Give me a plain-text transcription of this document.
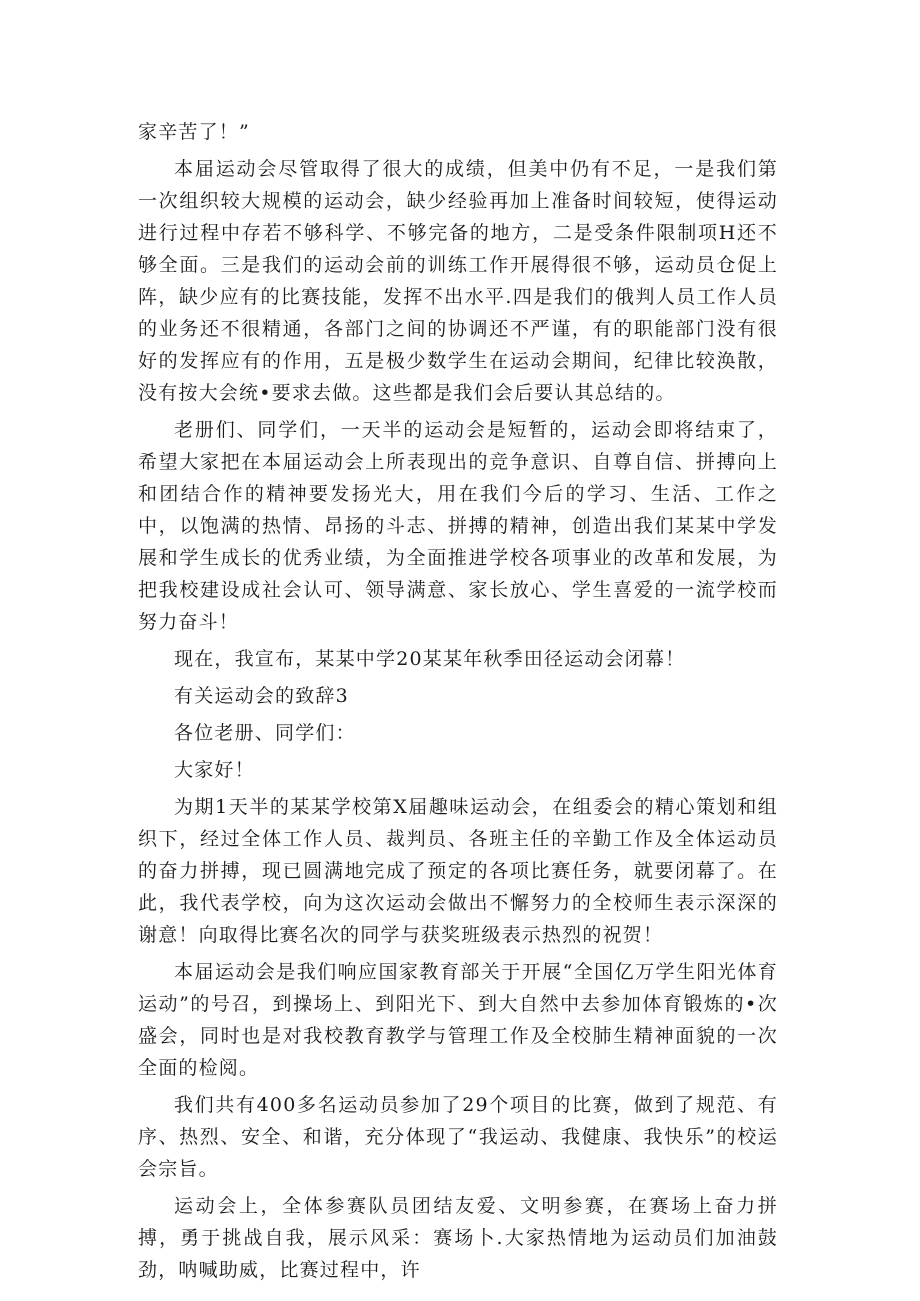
家辛苦了！”

本届运动会尽管取得了很大的成绩，但美中仍有不足，一是我们第一次组织较大规模的运动会，缺少经验再加上准备时间较短，使得运动进行过程中存若不够科学、不够完备的地方，二是受条件限制项H还不够全面。三是我们的运动会前的训练工作开展得很不够，运动员仓促上阵，缺少应有的比赛技能，发挥不出水平.四是我们的俄判人员工作人员的业务还不很精通，各部门之间的协调还不严谨，有的职能部门没有很好的发挥应有的作用，五是极少数学生在运动会期间，纪律比较涣散，没有按大会统•要求去做。这些都是我们会后要认其总结的。

老册们、同学们，一天半的运动会是短暂的，运动会即将结束了，希望大家把在本届运动会上所表现出的竞争意识、自尊自信、拼搏向上和团结合作的精神要发扬光大，用在我们今后的学习、生活、工作之中，以饱满的热情、昂扬的斗志、拼搏的精神，创造出我们某某中学发展和学生成长的优秀业绩，为全面推进学校各项事业的改革和发展，为把我校建设成社会认可、领导满意、家长放心、学生喜爱的一流学校而努力奋斗！

现在，我宣布，某某中学20某某年秋季田径运动会闭幕！

有关运动会的致辞3

各位老册、同学们：

大家好！

为期1天半的某某学校第X届趣味运动会，在组委会的精心策划和组织下，经过全体工作人员、裁判员、各班主任的辛勤工作及全体运动员的奋力拼搏，现已圆满地完成了预定的各项比赛任务，就要闭幕了。在此，我代表学校，向为这次运动会做出不懈努力的全校师生表示深深的谢意！向取得比赛名次的同学与获奖班级表示热烈的祝贺！

本届运动会是我们响应国家教育部关于开展“全国亿万学生阳光体育运动”的号召，到操场上、到阳光下、到大自然中去参加体育锻炼的•次盛会，同时也是对我校教育教学与管理工作及全校肺生精神面貌的一次全面的检阅。

我们共有400多名运动员参加了29个项目的比赛，做到了规范、有序、热烈、安全、和谐，充分体现了“我运动、我健康、我快乐”的校运会宗旨。

运动会上，全体参赛队员团结友爱、文明参赛，在赛场上奋力拼搏，勇于挑战自我，展示风采：赛场卜.大家热情地为运动员们加油鼓劲，呐喊助威，比赛过程中，许
